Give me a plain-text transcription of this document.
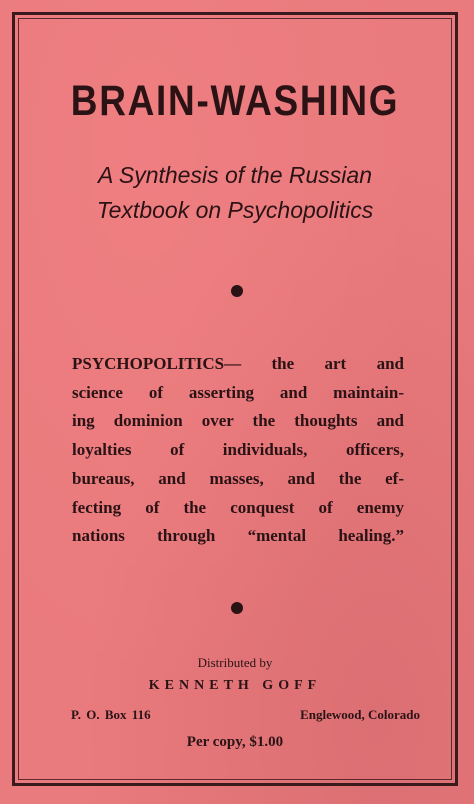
BRAIN-WASHING
A Synthesis of the Russian
Textbook on Psychopolitics
PSYCHOPOLITICS— the art and
science of asserting and maintain-
ing dominion over the thoughts and
loyalties of individuals, officers,
bureaus, and masses, and the ef-
fecting of the conquest of enemy
nations through “mental healing.”
Distributed by
KENNETH GOFF
P. O. Box 116	Englewood, Colorado
Per copy, $1.00
